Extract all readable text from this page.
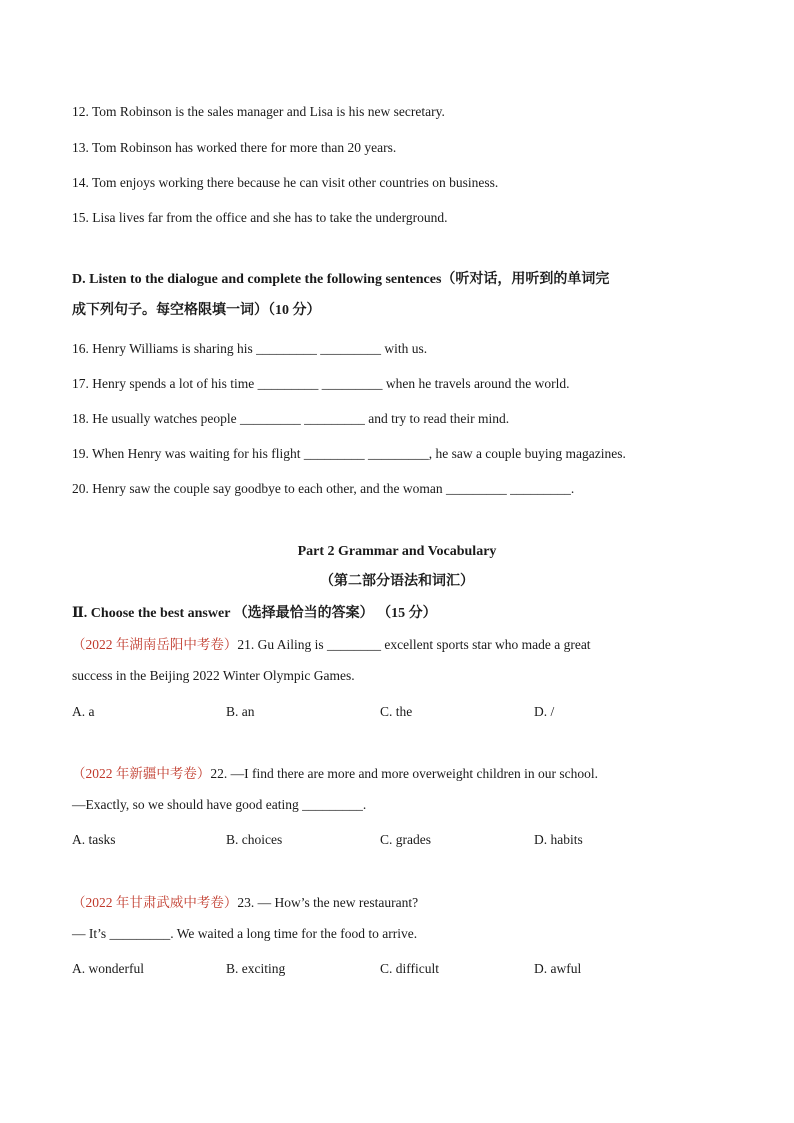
12. Tom Robinson is the sales manager and Lisa is his new secretary.
13. Tom Robinson has worked there for more than 20 years.
14. Tom enjoys working there because he can visit other countries on business.
15. Lisa lives far from the office and she has to take the underground.
D. Listen to the dialogue and complete the following sentences（听对话，用听到的单词完
成下列句子。每空格限填一词）（10 分）
16. Henry Williams is sharing his _________ _________ with us.
17. Henry spends a lot of his time _________ _________ when he travels around the world.
18. He usually watches people _________ _________ and try to read their mind.
19. When Henry was waiting for his flight _________ _________, he saw a couple buying magazines.
20. Henry saw the couple say goodbye to each other, and the woman _________ _________.
Part 2 Grammar and Vocabulary
（第二部分语法和词汇）
Ⅱ. Choose the best answer （选择最恰当的答案） （15 分）
（2022 年湖南岳阳中考卷）21. Gu Ailing is ________ excellent sports star who made a great
success in the Beijing 2022 Winter Olympic Games.
A. a	B. an	C. the	D. /
（2022 年新疆中考卷）22. —I find there are more and more overweight children in our school.
—Exactly, so we should have good eating _________.
A. tasks	B. choices	C. grades	D. habits
（2022 年甘肃武威中考卷）23. — How’s the new restaurant?
— It’s _________. We waited a long time for the food to arrive.
A. wonderful	B. exciting	C. difficult	D. awful
